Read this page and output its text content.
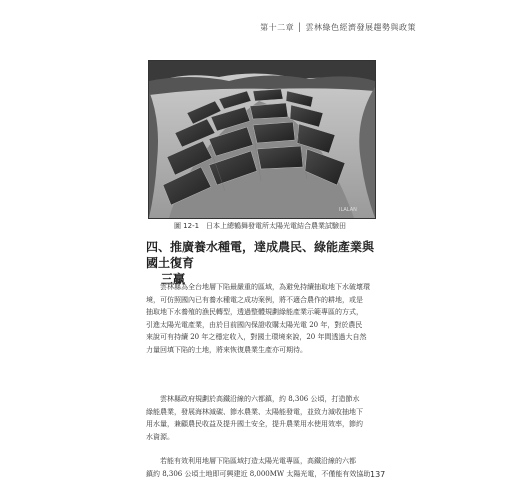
第十二章 │ 雲林綠色經濟發展趨勢與政策
ILALAN
圖 12-1　日本上總鶴舞發電所太陽光電結合農業試驗田
四、推廣養水種電，達成農民、綠能產業與國土復育
三贏

雲林縣為全台地層下陷最嚴重的區域，為避免持續抽取地下水破壞環
境，可仿照國內已有養水種電之成功案例，將不適合農作的耕地，或是
抽取地下水養殖的漁民轉型，透過整體規劃綠能產業示範專區的方式，
引進太陽光電產業，由於目前國內保證收購太陽光電 20 年，對於農民
來說可有持續 20 年之穩定收入，對國土環境來說，20 年間透過大自然
力量回填下陷的土地，將來恢復農業生產亦可期待。

雲林縣政府規劃於高鐵沿線的六都鎮，約 8,306 公頃，打造節水
綠能農業，發展海林減碳、節水農業、太陽能發電，並致力減收抽地下
用水量，兼顧農民收益及提升國土安全，提升農業用水使用效率，節約
水資源。

若能有效利用地層下陷區域打造太陽光電專區，高鐵沿線的六都
鎮約 8,306 公頃土地即可興建近 8,000MW 太陽光電，不僅能有效協助 137
